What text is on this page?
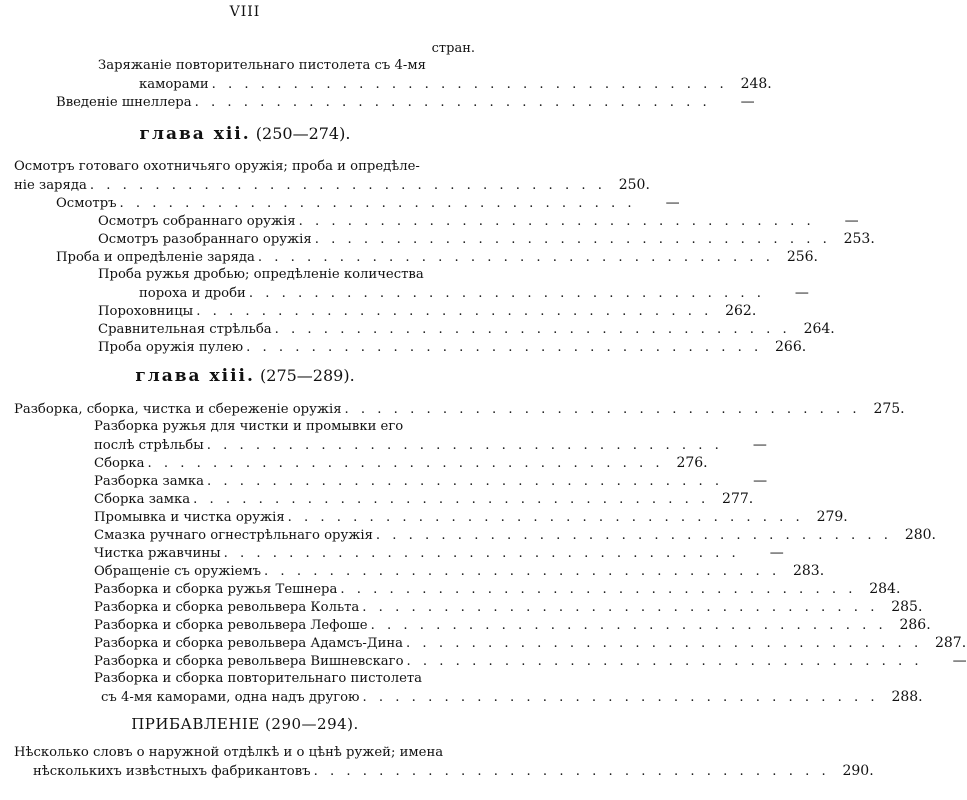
VIII
стран.
Заряжаніе повторительнаго пистолета съ 4-мя
каморами . . . . . . . . . . . . . . . . . . . . . . . . . . . . . . . . 248.
Введеніе шнеллера . . . . . . . . . . . . . . . . . . . . . . . . . . . . . . . .	—
глава xii. (250—274).
Осмотръ готоваго охотничьяго оружія; проба и опредѣле-
ніе заряда . . . . . . . . . . . . . . . . . . . . . . . . . . . . . . . . 250.
Осмотръ . . . . . . . . . . . . . . . . . . . . . . . . . . . . . . . .	—
Осмотръ собраннаго оружія . . . . . . . . . . . . . . . . . . . . . . . . . . . . . . . .	—
Осмотръ разобраннаго оружія . . . . . . . . . . . . . . . . . . . . . . . . . . . . . . . . 253.
Проба и опредѣленіе заряда . . . . . . . . . . . . . . . . . . . . . . . . . . . . . . . . 256.
Проба ружья дробью; опредѣленіе количества
пороха и дроби . . . . . . . . . . . . . . . . . . . . . . . . . . . . . . . .	—
Пороховницы . . . . . . . . . . . . . . . . . . . . . . . . . . . . . . . . 262.
Сравнительная стрѣльба . . . . . . . . . . . . . . . . . . . . . . . . . . . . . . . . 264.
Проба оружія пулею . . . . . . . . . . . . . . . . . . . . . . . . . . . . . . . . 266.
глава xiii. (275—289).
Разборка, сборка, чистка и сбереженіе оружія . . . . . . . . . . . . . . . . . . . . . . . . . . . . . . . . 275.
Разборка ружья для чистки и промывки его
послѣ стрѣльбы . . . . . . . . . . . . . . . . . . . . . . . . . . . . . . . .	—
Сборка . . . . . . . . . . . . . . . . . . . . . . . . . . . . . . . . 276.
Разборка замка . . . . . . . . . . . . . . . . . . . . . . . . . . . . . . . .	—
Сборка замка . . . . . . . . . . . . . . . . . . . . . . . . . . . . . . . . 277.
Промывка и чистка оружія . . . . . . . . . . . . . . . . . . . . . . . . . . . . . . . . 279.
Смазка ручнаго огнестрѣльнаго оружія . . . . . . . . . . . . . . . . . . . . . . . . . . . . . . . . 280.
Чистка ржавчины . . . . . . . . . . . . . . . . . . . . . . . . . . . . . . . .	—
Обращеніе съ оружіемъ . . . . . . . . . . . . . . . . . . . . . . . . . . . . . . . . 283.
Разборка и сборка ружья Тешнера . . . . . . . . . . . . . . . . . . . . . . . . . . . . . . . . 284.
Разборка и сборка револьвера Кольта . . . . . . . . . . . . . . . . . . . . . . . . . . . . . . . . 285.
Разборка и сборка револьвера Лефоше . . . . . . . . . . . . . . . . . . . . . . . . . . . . . . . . 286.
Разборка и сборка револьвера Адамсъ-Дина . . . . . . . . . . . . . . . . . . . . . . . . . . . . . . . . 287.
Разборка и сборка револьвера Вишневскаго . . . . . . . . . . . . . . . . . . . . . . . . . . . . . . . .	—
Разборка и сборка повторительнаго пистолета
съ 4-мя каморами, одна надъ другою . . . . . . . . . . . . . . . . . . . . . . . . . . . . . . . . 288.
ПРИБАВЛЕНІЕ (290—294).
Нѣсколько словъ о наружной отдѣлкѣ и о цѣнѣ ружей; имена
нѣсколькихъ извѣстныхъ фабрикантовъ . . . . . . . . . . . . . . . . . . . . . . . . . . . . . . . . 290.
